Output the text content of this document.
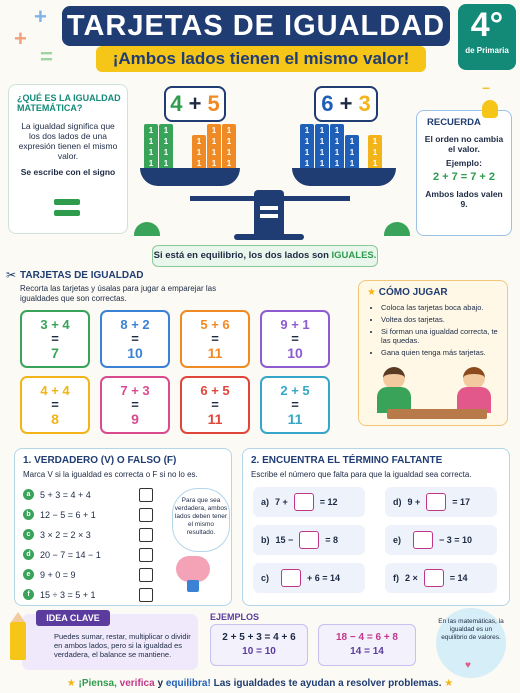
+
+
=
−
TARJETAS DE IGUALDAD
¡Ambos lados tienen el mismo valor!
4°
de Primaria
¿QUÉ ES LA IGUALDAD MATEMÁTICA?
La igualdad significa que los dos lados de una expresión tienen el mismo valor.
Se escribe con el signo
4 + 5	6 + 3
1	1
1	1
1	1
1	1
1	1
1	1	1
1	1	1
1	1	1
1	1	1
1	1	1	1
1	1	1	1
1	1	1	1
1
1
1
RECUERDA
El orden no cambia el valor.
Ejemplo:
2 + 7 = 7 + 2
Ambos lados valen 9.
Si está en equilibrio, los dos lados son IGUALES.
✂ TARJETAS DE IGUALDAD
Recorta las tarjetas y úsalas para jugar a emparejar las igualdades que son correctas.
3 + 4
=
7
8 + 2
=
10
5 + 6
=
11
9 + 1
=
10
4 + 4
=
8
7 + 3
=
9
6 + 5
=
11
2 + 5
=
11
★ CÓMO JUGAR
• Coloca las tarjetas boca abajo.
• Voltea dos tarjetas.
• Si forman una igualdad correcta, te las quedas.
• Gana quien tenga más tarjetas.
1. VERDADERO (V) O FALSO (F)
Marca V si la igualdad es correcta o F si no lo es.
a	5 + 3 = 4 + 4
b	12 − 5 = 6 + 1
c	3 × 2 = 2 × 3
d	20 − 7 = 14 − 1
e	9 + 0 = 9
f	15 ÷ 3 = 5 + 1
Para que sea verdadera, ambos lados deben tener el mismo resultado.
2. ENCUENTRA EL TÉRMINO FALTANTE
Escribe el número que falta para que la igualdad sea correcta.
a) 7 +	= 12	d) 9 +	= 17
b) 15 −	= 8	e)	− 3 = 10
c)	+ 6 = 14	f) 2 ×	= 14
Puedes sumar, restar, multiplicar o dividir en ambos lados, pero si la igualdad es verdadera, el balance se mantiene.
IDEA CLAVE	EJEMPLOS
2 + 5 + 3 = 4 + 6
10 = 10
18 − 4 = 6 + 8
14 = 14
En las matemáticas, la igualdad es un equilibrio de valores.
♥
★ ¡Piensa, verifica y equilibra! Las igualdades te ayudan a resolver problemas. ★
